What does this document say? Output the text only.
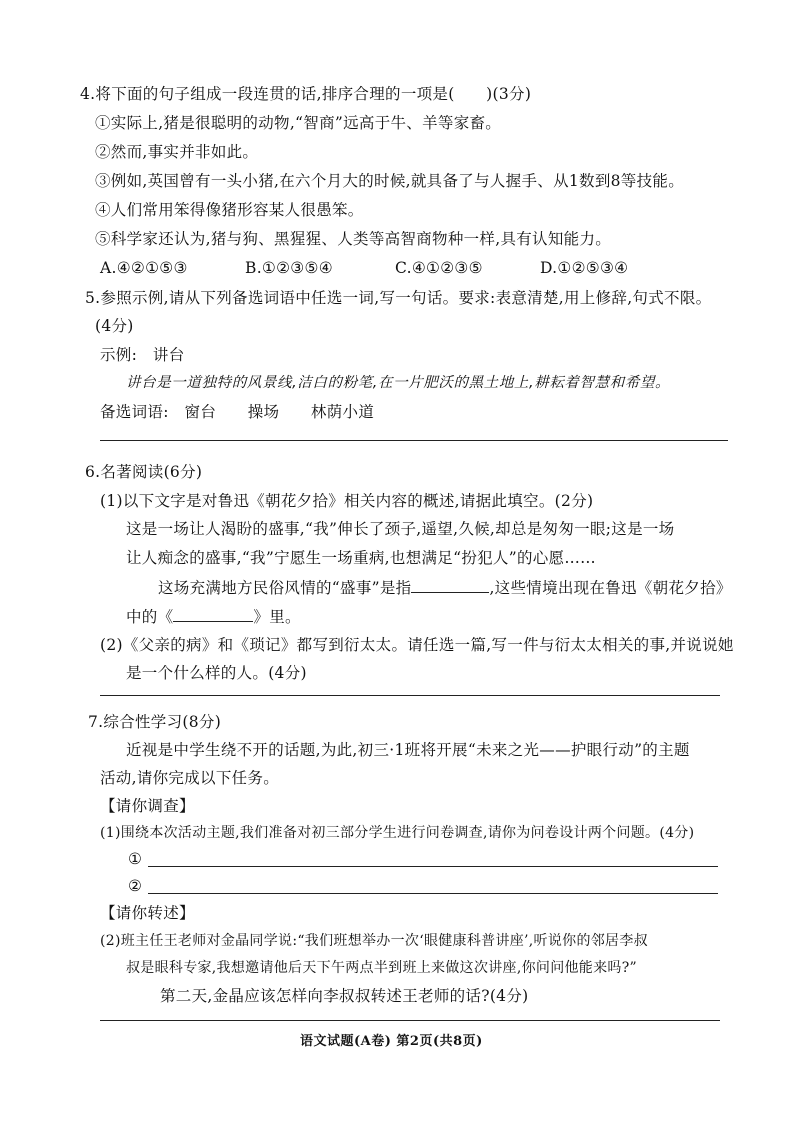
4.将下面的句子组成一段连贯的话,排序合理的一项是(　　)(3分)
①实际上,猪是很聪明的动物,“智商”远高于牛、羊等家畜。
②然而,事实并非如此。
③例如,英国曾有一头小猪,在六个月大的时候,就具备了与人握手、从1数到8等技能。
④人们常用笨得像猪形容某人很愚笨。
⑤科学家还认为,猪与狗、黑猩猩、人类等高智商物种一样,具有认知能力。
A.④②①⑤③	B.①②③⑤④	C.④①②③⑤	D.①②⑤③④
5.参照示例,请从下列备选词语中任选一词,写一句话。要求:表意清楚,用上修辞,句式不限。
(4分)
示例:　讲台
讲台是一道独特的风景线,洁白的粉笔,在一片肥沃的黑土地上,耕耘着智慧和希望。
备选词语:　窗台　　操场　　林荫小道
6.名著阅读(6分)
(1)以下文字是对鲁迅《朝花夕拾》相关内容的概述,请据此填空。(2分)
这是一场让人渴盼的盛事,“我”伸长了颈子,遥望,久候,却总是匆匆一眼;这是一场
让人痴念的盛事,“我”宁愿生一场重病,也想满足“扮犯人”的心愿……
这场充满地方民俗风情的“盛事”是指	,这些情境出现在鲁迅《朝花夕拾》
中的《	》里。
(2)《父亲的病》和《琐记》都写到衍太太。请任选一篇,写一件与衍太太相关的事,并说说她
是一个什么样的人。(4分)
7.综合性学习(8分)
近视是中学生绕不开的话题,为此,初三·1班将开展“未来之光——护眼行动”的主题
活动,请你完成以下任务。
【请你调查】
(1)围绕本次活动主题,我们准备对初三部分学生进行问卷调查,请你为问卷设计两个问题。(4分)
①
②
【请你转述】
(2)班主任王老师对金晶同学说:“我们班想举办一次‘眼健康科普讲座’,听说你的邻居李叔
叔是眼科专家,我想邀请他后天下午两点半到班上来做这次讲座,你问问他能来吗?”
第二天,金晶应该怎样向李叔叔转述王老师的话?(4分)
语文试题(A卷) 第2页(共8页)
